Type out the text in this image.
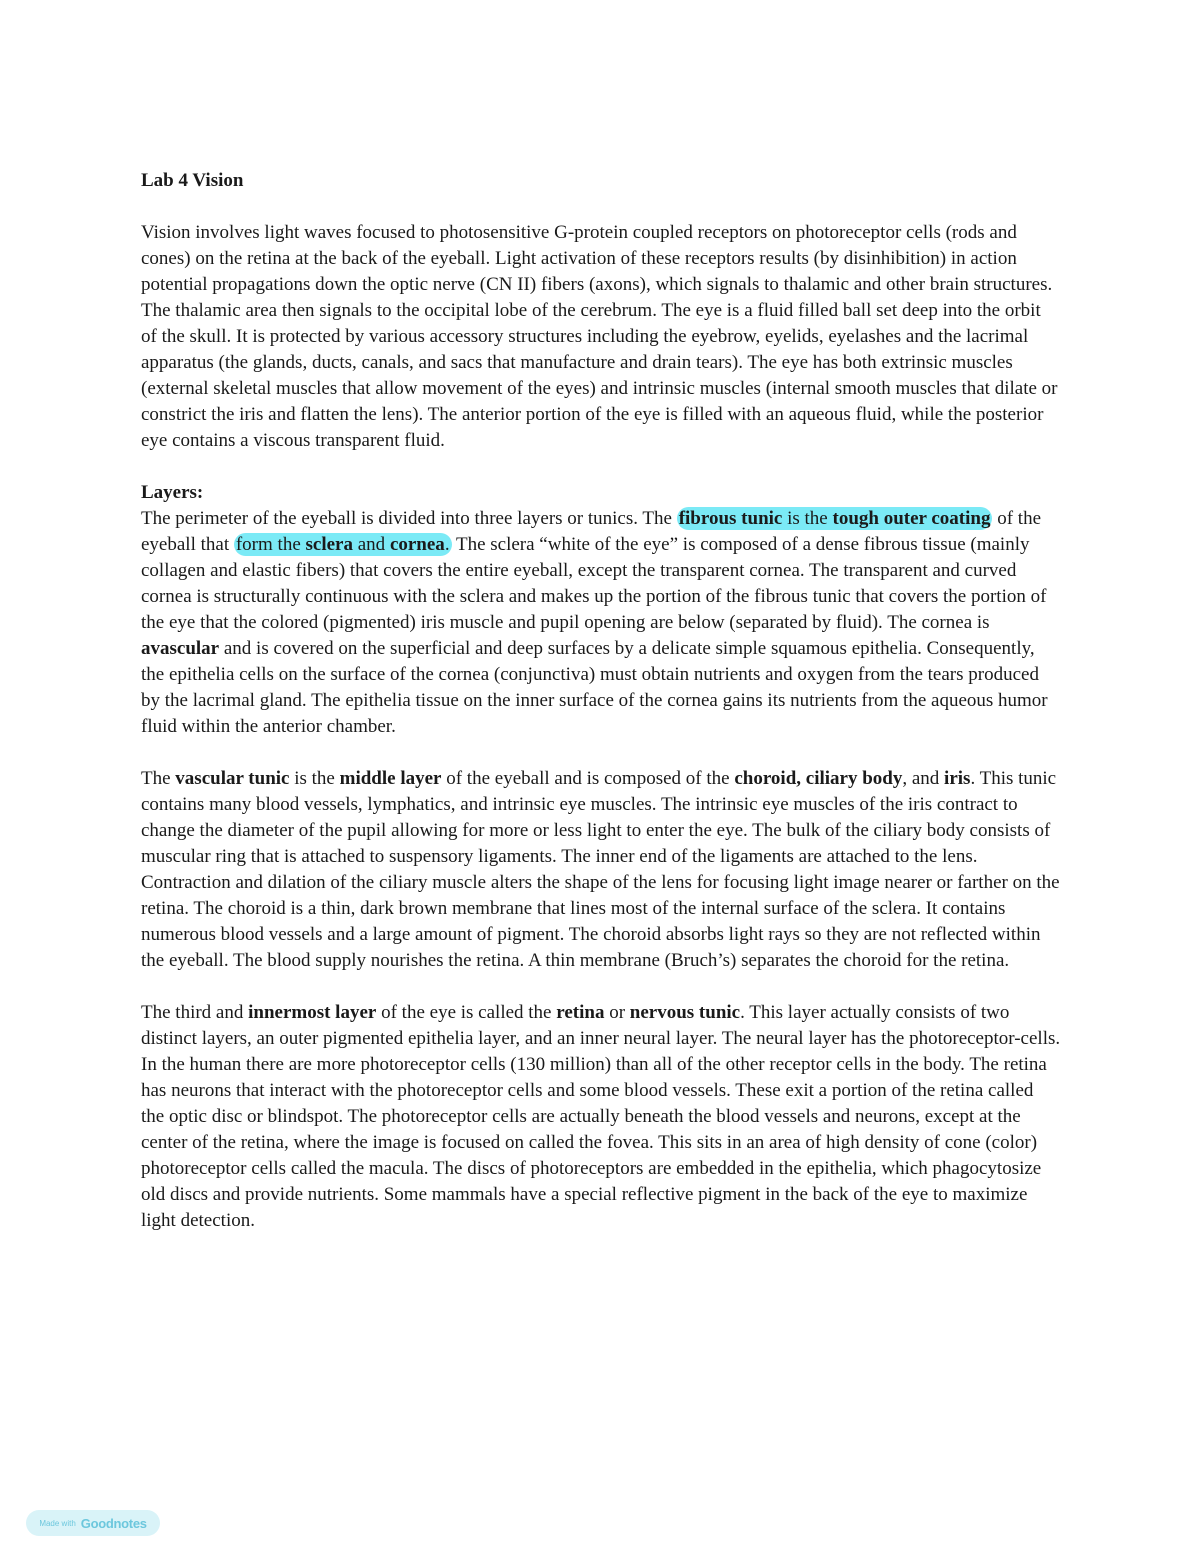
Lab 4 Vision

Vision involves light waves focused to photosensitive G-protein coupled receptors on photoreceptor cells (rods and cones) on the retina at the back of the eyeball. Light activation of these receptors results (by disinhibition) in action potential propagations down the optic nerve (CN II) fibers (axons), which signals to thalamic and other brain structures. The thalamic area then signals to the occipital lobe of the cerebrum. The eye is a fluid filled ball set deep into the orbit of the skull. It is protected by various accessory structures including the eyebrow, eyelids, eyelashes and the lacrimal apparatus (the glands, ducts, canals, and sacs that manufacture and drain tears). The eye has both extrinsic muscles (external skeletal muscles that allow movement of the eyes) and intrinsic muscles (internal smooth muscles that dilate or constrict the iris and flatten the lens). The anterior portion of the eye is filled with an aqueous fluid, while the posterior eye contains a viscous transparent fluid.

Layers:
The perimeter of the eyeball is divided into three layers or tunics. The fibrous tunic is the tough outer coating of the eyeball that form the sclera and cornea. The sclera “white of the eye” is composed of a dense fibrous tissue (mainly collagen and elastic fibers) that covers the entire eyeball, except the transparent cornea. The transparent and curved cornea is structurally continuous with the sclera and makes up the portion of the fibrous tunic that covers the portion of the eye that the colored (pigmented) iris muscle and pupil opening are below (separated by fluid). The cornea is avascular and is covered on the superficial and deep surfaces by a delicate simple squamous epithelia. Consequently, the epithelia cells on the surface of the cornea (conjunctiva) must obtain nutrients and oxygen from the tears produced by the lacrimal gland. The epithelia tissue on the inner surface of the cornea gains its nutrients from the aqueous humor fluid within the anterior chamber.

The vascular tunic is the middle layer of the eyeball and is composed of the choroid, ciliary body, and iris. This tunic contains many blood vessels, lymphatics, and intrinsic eye muscles. The intrinsic eye muscles of the iris contract to change the diameter of the pupil allowing for more or less light to enter the eye. The bulk of the ciliary body consists of muscular ring that is attached to suspensory ligaments. The inner end of the ligaments are attached to the lens. Contraction and dilation of the ciliary muscle alters the shape of the lens for focusing light image nearer or farther on the retina. The choroid is a thin, dark brown membrane that lines most of the internal surface of the sclera. It contains numerous blood vessels and a large amount of pigment. The choroid absorbs light rays so they are not reflected within the eyeball. The blood supply nourishes the retina. A thin membrane (Bruch’s) separates the choroid for the retina.

The third and innermost layer of the eye is called the retina or nervous tunic. This layer actually consists of two distinct layers, an outer pigmented epithelia layer, and an inner neural layer. The neural layer has the photoreceptor-cells. In the human there are more photoreceptor cells (130 million) than all of the other receptor cells in the body. The retina has neurons that interact with the photoreceptor cells and some blood vessels. These exit a portion of the retina called the optic disc or blindspot. The photoreceptor cells are actually beneath the blood vessels and neurons, except at the center of the retina, where the image is focused on called the fovea. This sits in an area of high density of cone (color) photoreceptor cells called the macula. The discs of photoreceptors are embedded in the epithelia, which phagocytosize old discs and provide nutrients. Some mammals have a special reflective pigment in the back of the eye to maximize light detection.

Made with Goodnotes
